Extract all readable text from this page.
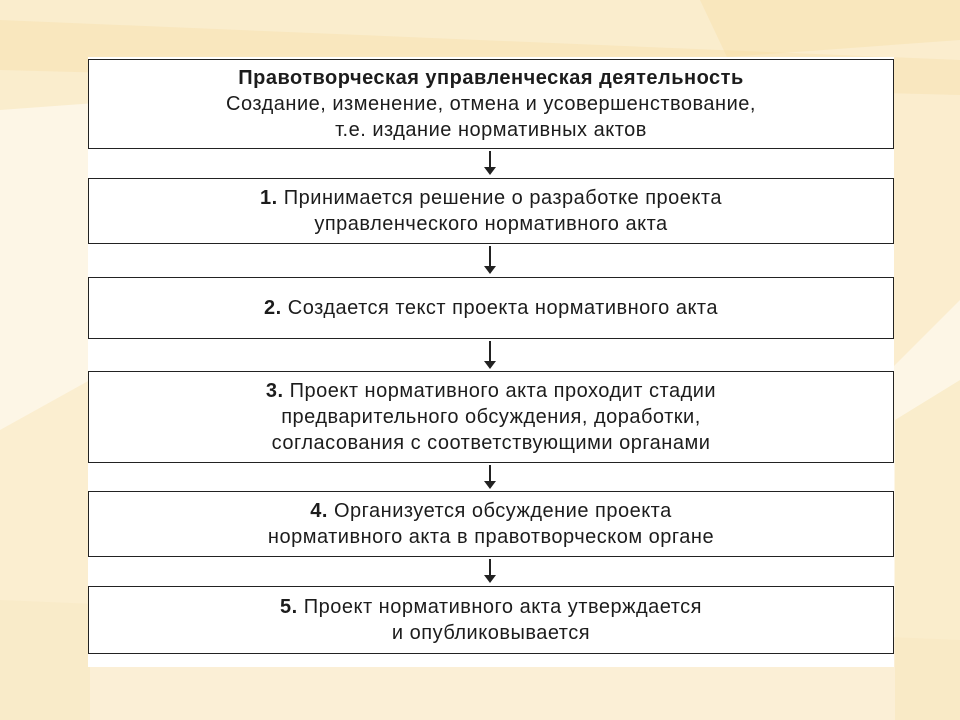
Правотворческая управленческая деятельность
Создание, изменение, отмена и усовершенствование,
т.е. издание нормативных актов
1. Принимается решение о разработке проекта
управленческого нормативного акта
2. Создается текст проекта нормативного акта
3. Проект нормативного акта проходит стадии
предварительного обсуждения, доработки,
согласования с соответствующими органами
4. Организуется обсуждение проекта
нормативного акта в правотворческом органе
5. Проект нормативного акта утверждается
и опубликовывается
